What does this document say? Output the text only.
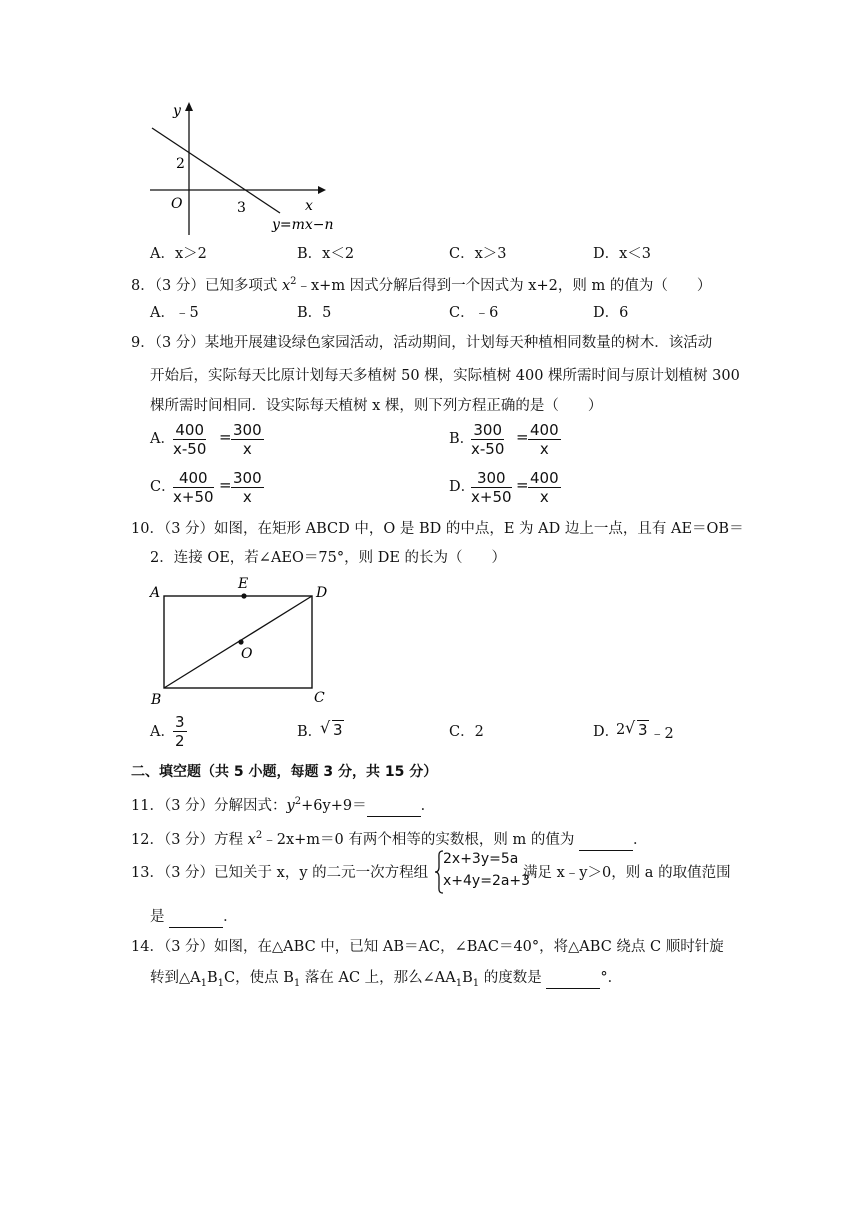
y
2
O	3	x
y=mx−n
A．x＞2	B．x＜2	C．x＞3	D．x＜3
8．（3 分）已知多项式 $x^2﹣x+m$ 因式分解后得到一个因式为 x+2，则 m 的值为（　　）
A．﹣5	B．5	C．﹣6	D．6
9．（3 分）某地开展建设绿色家园活动，活动期间，计划每天种植相同数量的树木．该活动
开始后，实际每天比原计划每天多植树 50 棵，实际植树 400 棵所需时间与原计划植树 300
棵所需时间相同．设实际每天植树 x 棵，则下列方程正确的是（　　）
A．
$\frac{400}{x-50} = \frac{300}{x}$	B．
$\frac{300}{x-50} = \frac{400}{x}$
C．
$\frac{400}{x+50} = \frac{300}{x}$	D．
$\frac{300}{x+50} = \frac{400}{x}$
10．（3 分）如图，在矩形 ABCD 中，O 是 BD 的中点，E 为 AD 边上一点，且有 AE＝OB＝
2．连接 OE，若∠AEO＝75°，则 DE 的长为（　　）
A
E
D
O
B	C
A．
$\frac{3}{2}$	B．
√ 3	C．2	D．
2 √ 3 ﹣2
二、填空题（共 5 小题，每题 3 分，共 15 分）
11．（3 分）分解因式：$y^2+6y+9=$	．
12．（3 分）方程 $x^2﹣2x+m=0$ 有两个相等的实数根，则 m 的值为	．
13．（3 分）已知关于 x，y 的二元一次方程组
2x+3y=5a
x+4y=2a+3
满足 x﹣y＞0，则 a 的取值范围
是	．
14．（3 分）如图，在△ABC 中，已知 AB＝AC，∠BAC＝40°，将△ABC 绕点 C 顺时针旋
转到$\triangle A_1B_1C$，使点 $B_1$ 落在 AC 上，那么$\angle AA_1B_1$ 的度数是	°．
